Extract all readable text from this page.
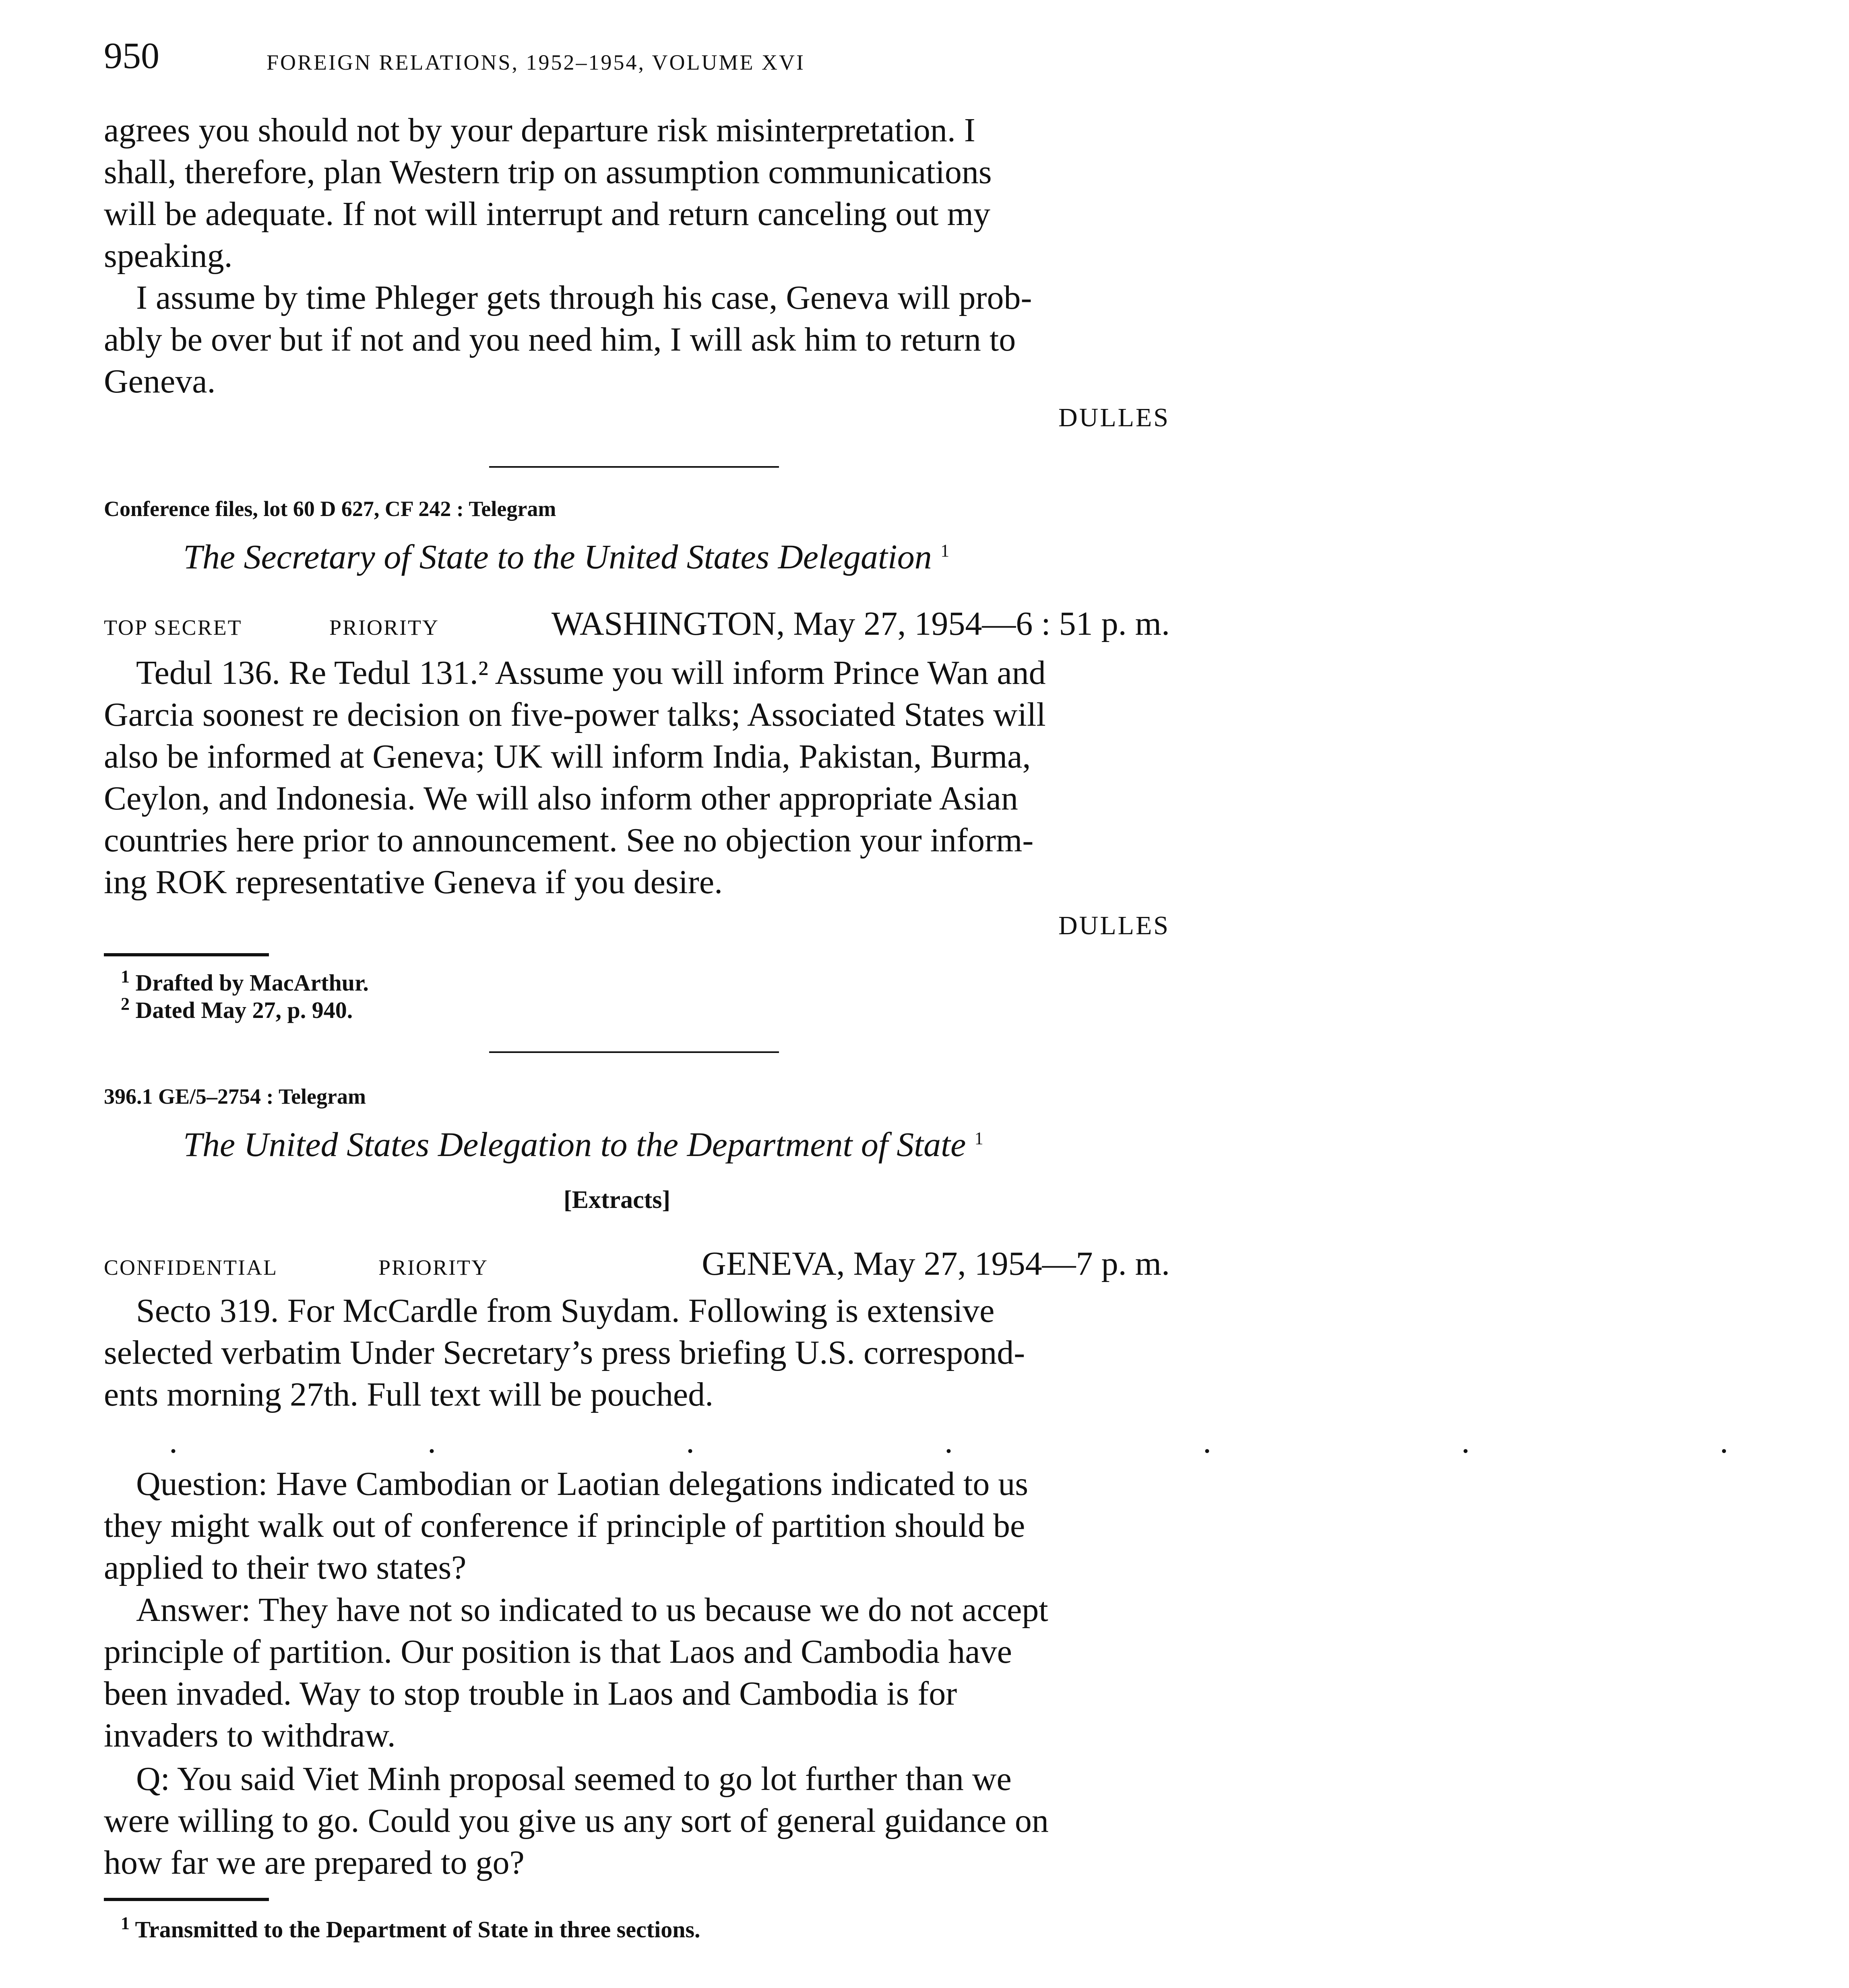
950	FOREIGN RELATIONS, 1952–1954, VOLUME XVI
agrees you should not by your departure risk misinterpretation. I
shall, therefore, plan Western trip on assumption communications
will be adequate. If not will interrupt and return canceling out my
speaking.
I assume by time Phleger gets through his case, Geneva will prob-
ably be over but if not and you need him, I will ask him to return to
Geneva.
DULLES
Conference files, lot 60 D 627, CF 242 : Telegram
The Secretary of State to the United States Delegation $^1$
TOP SECRET	PRIORITY	WASHINGTON, May 27, 1954—6 : 51 p. m.
Tedul 136. Re Tedul 131.² Assume you will inform Prince Wan and
Garcia soonest re decision on five-power talks; Associated States will
also be informed at Geneva; UK will inform India, Pakistan, Burma,
Ceylon, and Indonesia. We will also inform other appropriate Asian
countries here prior to announcement. See no objection your inform-
ing ROK representative Geneva if you desire.
DULLES
$^1$ Drafted by MacArthur.
$^2$ Dated May 27, p. 940.
396.1 GE/5–2754 : Telegram
The United States Delegation to the Department of State $^1$
[Extracts]
CONFIDENTIAL	PRIORITY	GENEVA, May 27, 1954—7 p. m.
Secto 319. For McCardle from Suydam. Following is extensive
selected verbatim Under Secretary’s press briefing U.S. correspond-
ents morning 27th. Full text will be pouched.
. . . . . . .
Question: Have Cambodian or Laotian delegations indicated to us
they might walk out of conference if principle of partition should be
applied to their two states?
Answer: They have not so indicated to us because we do not accept
principle of partition. Our position is that Laos and Cambodia have
been invaded. Way to stop trouble in Laos and Cambodia is for
invaders to withdraw.
Q: You said Viet Minh proposal seemed to go lot further than we
were willing to go. Could you give us any sort of general guidance on
how far we are prepared to go?
$^1$ Transmitted to the Department of State in three sections.
